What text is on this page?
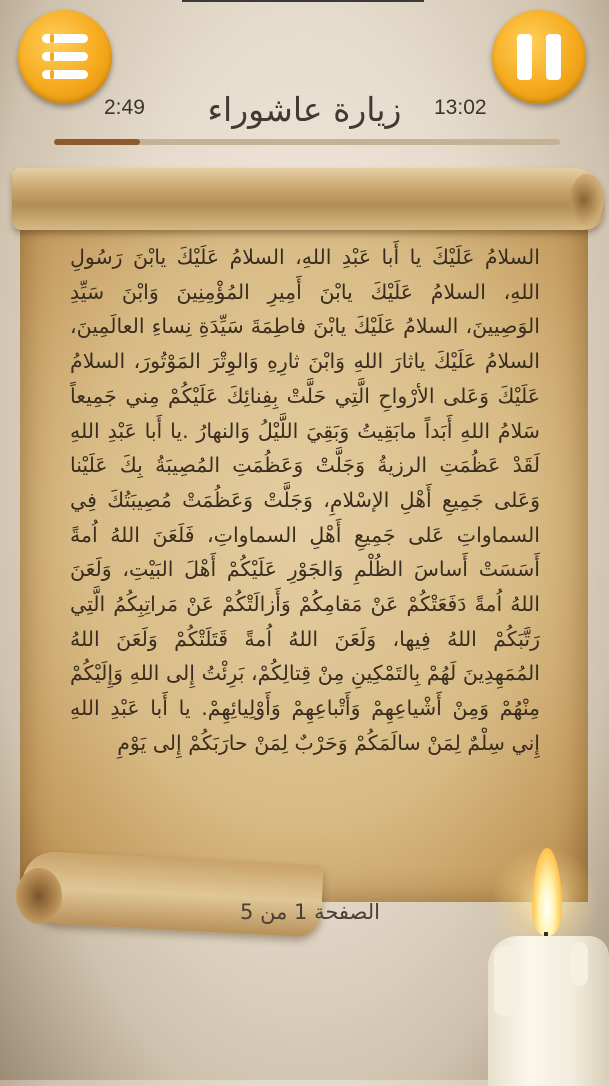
2:49	زيارة عاشوراء	13:02
السلامُ عَلَيْكَ يا أَبا عَبْدِ اللهِ، السلامُ عَلَيْكَ يابْنَ رَسُولِ اللهِ، السلامُ عَلَيْكَ يابْنَ أَمِيرِ المُؤْمِنِينَ وَابْنَ سَيِّدِ الوَصِيينَ، السلامُ عَلَيْكَ يابْنَ فاطِمَةَ سَيِّدَةِ نِساءِ العالَمِينَ، السلامُ عَلَيْكَ ياثارَ اللهِ وَابْنَ ثارِهِ وَالوِتْرَ المَوْتُورَ، السلامُ عَلَيْكَ وَعَلى الأرْواحِ الَّتِي حَلَّتْ بِفِنائِكَ عَلَيْكُمْ مِني جَمِيعاً سَلامُ اللهِ أَبَداً مابَقِيتُ وَبَقِيَ اللَّيْلُ وَالنهارُ .يا أَبا عَبْدِ اللهِ لَقَدْ عَظُمَتِ الرزيةُ وَجَلَّتْ وَعَظُمَتِ المُصِيبَةُ بِكَ عَلَيْنا وَعَلى جَمِيعِ أَهْلِ الإسْلامِ، وَجَلَّتْ وَعَظُمَتْ مُصِيبَتُكَ فِي السماواتِ عَلى جَمِيعِ أَهْلِ السماواتِ، فَلَعَنَ اللهُ اُمةً أَسَسَتْ أَساسَ الظُلْمِ وَالجَوْرِ عَلَيْكُمْ أَهْلَ البَيْتِ، وَلَعَنَ اللهُ اُمةً دَفَعَتْكُمْ عَنْ مَقامِكُمْ وَأَزالَتْكُمْ عَنْ مَراتِبِكُمُ الَّتِي رَتَّبَكُمْ اللهُ فِيها، وَلَعَنَ اللهُ اُمةً قَتَلَتْكُمْ وَلَعَنَ اللهُ المُمَهِدِينَ لَهُمْ بِالتَمْكِينِ مِنْ قِتالِكُمْ، بَرِئْتُ إِلى اللهِ وَإِلَيْكُمْ مِنْهُمْ وَمِنْ أَشْياعِهِمْ وَأَتْباعِهِمْ وَأَوْلِيائِهِمْ. يا أَبا عَبْدِ اللهِ إِني سِلْمٌ لِمَنْ سالَمَكُمْ وَحَرْبٌ لِمَنْ حارَبَكُمْ إِلى يَوْمِ
الصفحة 1 من 5
